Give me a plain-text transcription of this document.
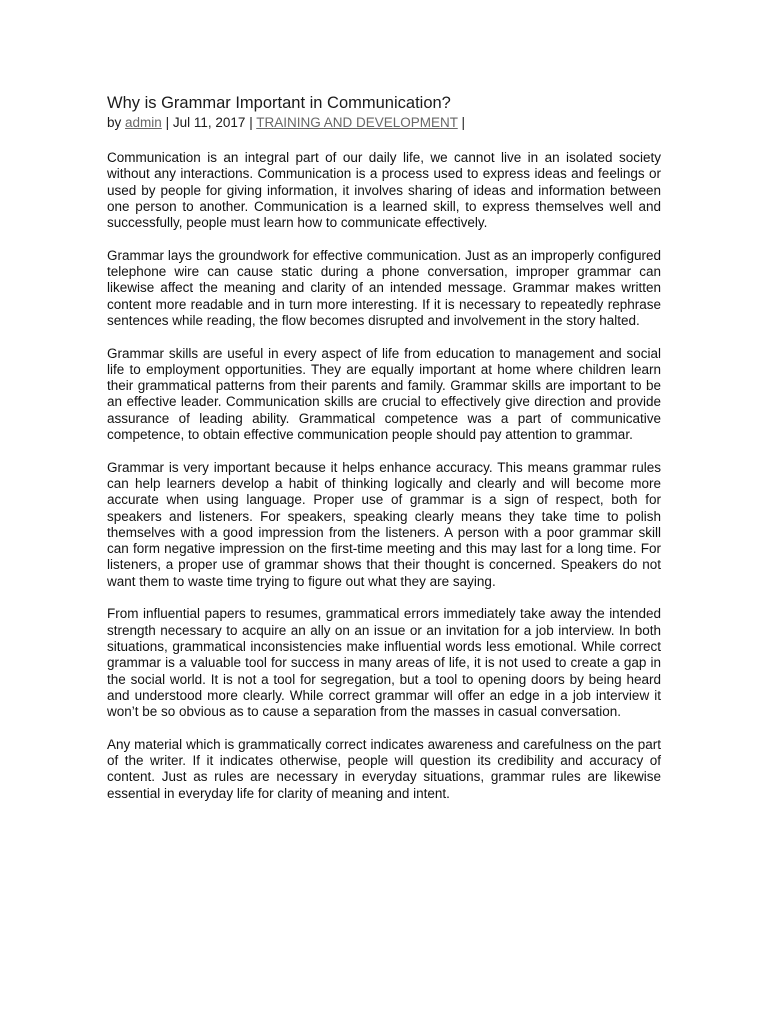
Why is Grammar Important in Communication?
by admin | Jul 11, 2017 | TRAINING AND DEVELOPMENT |

Communication is an integral part of our daily life, we cannot live in an isolated society without any interactions. Communication is a process used to express ideas and feelings or used by people for giving information, it involves sharing of ideas and information between one person to another. Communication is a learned skill, to express themselves well and successfully, people must learn how to communicate effectively.

Grammar lays the groundwork for effective communication. Just as an improperly configured telephone wire can cause static during a phone conversation, improper grammar can likewise affect the meaning and clarity of an intended message. Grammar makes written content more readable and in turn more interesting. If it is necessary to repeatedly rephrase sentences while reading, the flow becomes disrupted and involvement in the story halted.

Grammar skills are useful in every aspect of life from education to management and social life to employment opportunities. They are equally important at home where children learn their grammatical patterns from their parents and family. Grammar skills are important to be an effective leader. Communication skills are crucial to effectively give direction and provide assurance of leading ability. Grammatical competence was a part of communicative competence, to obtain effective communication people should pay attention to grammar.

Grammar is very important because it helps enhance accuracy. This means grammar rules can help learners develop a habit of thinking logically and clearly and will become more accurate when using language. Proper use of grammar is a sign of respect, both for speakers and listeners. For speakers, speaking clearly means they take time to polish themselves with a good impression from the listeners. A person with a poor grammar skill can form negative impression on the first-time meeting and this may last for a long time. For listeners, a proper use of grammar shows that their thought is concerned. Speakers do not want them to waste time trying to figure out what they are saying.

From influential papers to resumes, grammatical errors immediately take away the intended strength necessary to acquire an ally on an issue or an invitation for a job interview. In both situations, grammatical inconsistencies make influential words less emotional. While correct grammar is a valuable tool for success in many areas of life, it is not used to create a gap in the social world. It is not a tool for segregation, but a tool to opening doors by being heard and understood more clearly. While correct grammar will offer an edge in a job interview it won’t be so obvious as to cause a separation from the masses in casual conversation.

Any material which is grammatically correct indicates awareness and carefulness on the part of the writer. If it indicates otherwise, people will question its credibility and accuracy of content. Just as rules are necessary in everyday situations, grammar rules are likewise essential in everyday life for clarity of meaning and intent.
